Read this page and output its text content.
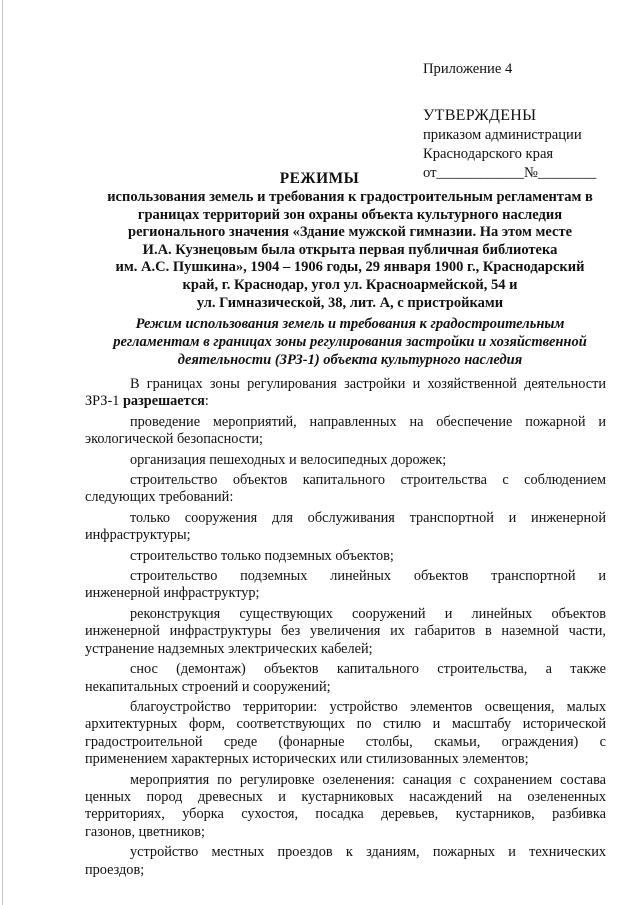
Приложение 4
УТВЕРЖДЕНЫ
приказом администрации
Краснодарского края
от____________№________
РЕЖИМЫ
использования земель и требования к градостроительным регламентам в
границах территорий зон охраны объекта культурного наследия
регионального значения «Здание мужской гимназии. На этом месте
И.А. Кузнецовым была открыта первая публичная библиотека
им. А.С. Пушкина», 1904 – 1906 годы, 29 января 1900 г., Краснодарский
край, г. Краснодар, угол ул. Красноармейской, 54 и
ул. Гимназической, 38, лит. А, с пристройками
Режим использования земель и требования к градостроительным
регламентам в границах зоны регулирования застройки и хозяйственной
деятельности (ЗРЗ-1) объекта культурного наследия
В границах зоны регулирования застройки и хозяйственной деятельности
ЗРЗ-1 разрешается:
проведение мероприятий, направленных на обеспечение пожарной и
экологической безопасности;
организация пешеходных и велосипедных дорожек;
строительство объектов капитального строительства с соблюдением
следующих требований:
только сооружения для обслуживания транспортной и инженерной
инфраструктуры;
строительство только подземных объектов;
строительство подземных линейных объектов транспортной и
инженерной инфраструктур;
реконструкция существующих сооружений и линейных объектов
инженерной инфраструктуры без увеличения их габаритов в наземной части,
устранение надземных электрических кабелей;
снос (демонтаж) объектов капитального строительства, а также
некапитальных строений и сооружений;
благоустройство территории: устройство элементов освещения, малых
архитектурных форм, соответствующих по стилю и масштабу исторической
градостроительной среде (фонарные столбы, скамьи, ограждения) с
применением характерных исторических или стилизованных элементов;
мероприятия по регулировке озеленения: санация с сохранением состава
ценных пород древесных и кустарниковых насаждений на озелененных
территориях, уборка сухостоя, посадка деревьев, кустарников, разбивка
газонов, цветников;
устройство местных проездов к зданиям, пожарных и технических
проездов;
